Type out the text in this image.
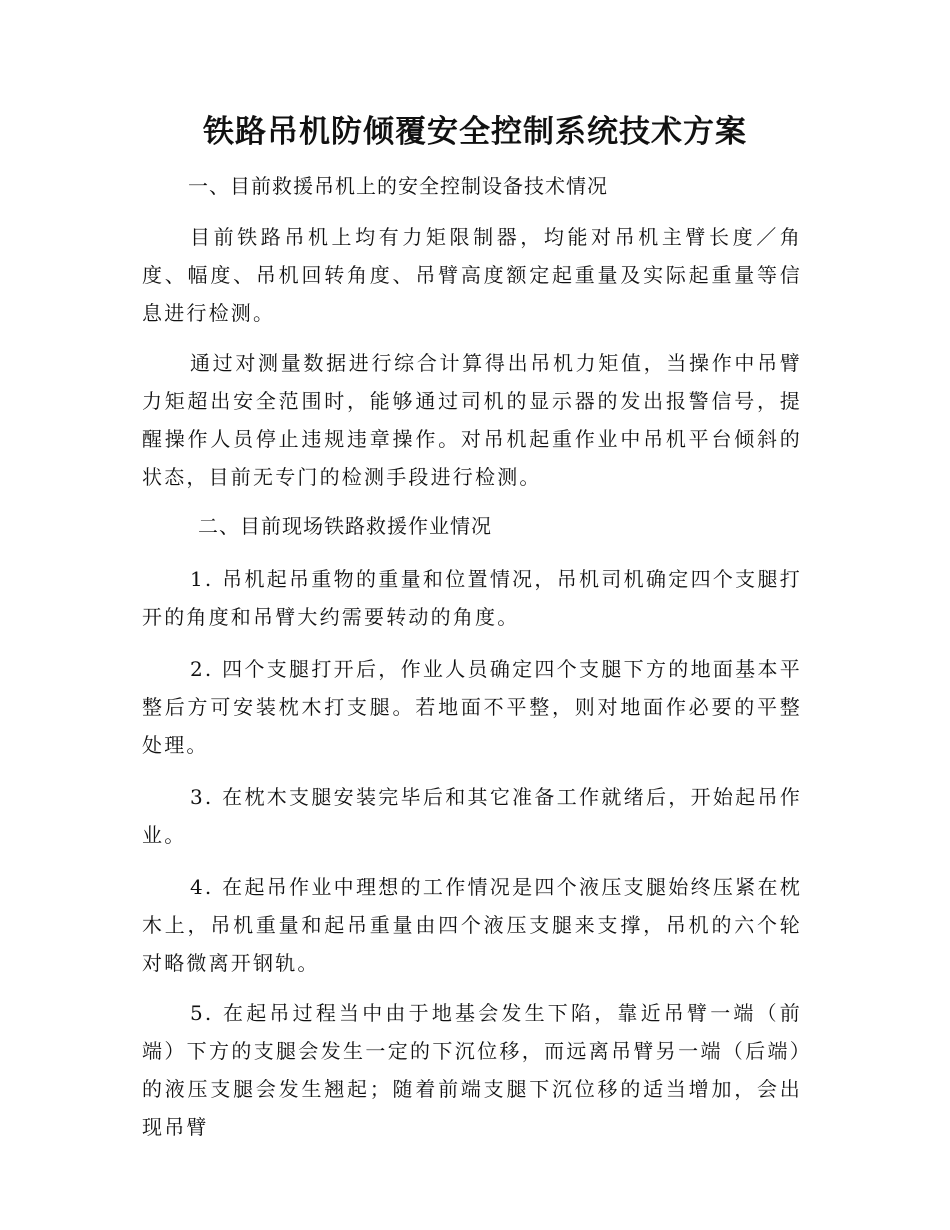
铁路吊机防倾覆安全控制系统技术方案
一、目前救援吊机上的安全控制设备技术情况
目前铁路吊机上均有力矩限制器，均能对吊机主臂长度／角度、幅度、吊机回转角度、吊臂高度额定起重量及实际起重量等信息进行检测。
通过对测量数据进行综合计算得出吊机力矩值，当操作中吊臂力矩超出安全范围时，能够通过司机的显示器的发出报警信号，提醒操作人员停止违规违章操作。对吊机起重作业中吊机平台倾斜的状态，目前无专门的检测手段进行检测。
二、目前现场铁路救援作业情况
1. 吊机起吊重物的重量和位置情况，吊机司机确定四个支腿打开的角度和吊臂大约需要转动的角度。
2. 四个支腿打开后，作业人员确定四个支腿下方的地面基本平整后方可安装枕木打支腿。若地面不平整，则对地面作必要的平整处理。
3. 在枕木支腿安装完毕后和其它准备工作就绪后，开始起吊作业。
4. 在起吊作业中理想的工作情况是四个液压支腿始终压紧在枕木上，吊机重量和起吊重量由四个液压支腿来支撑，吊机的六个轮对略微离开钢轨。
5. 在起吊过程当中由于地基会发生下陷，靠近吊臂一端（前端）下方的支腿会发生一定的下沉位移，而远离吊臂另一端（后端）的液压支腿会发生翘起；随着前端支腿下沉位移的适当增加，会出现吊臂
